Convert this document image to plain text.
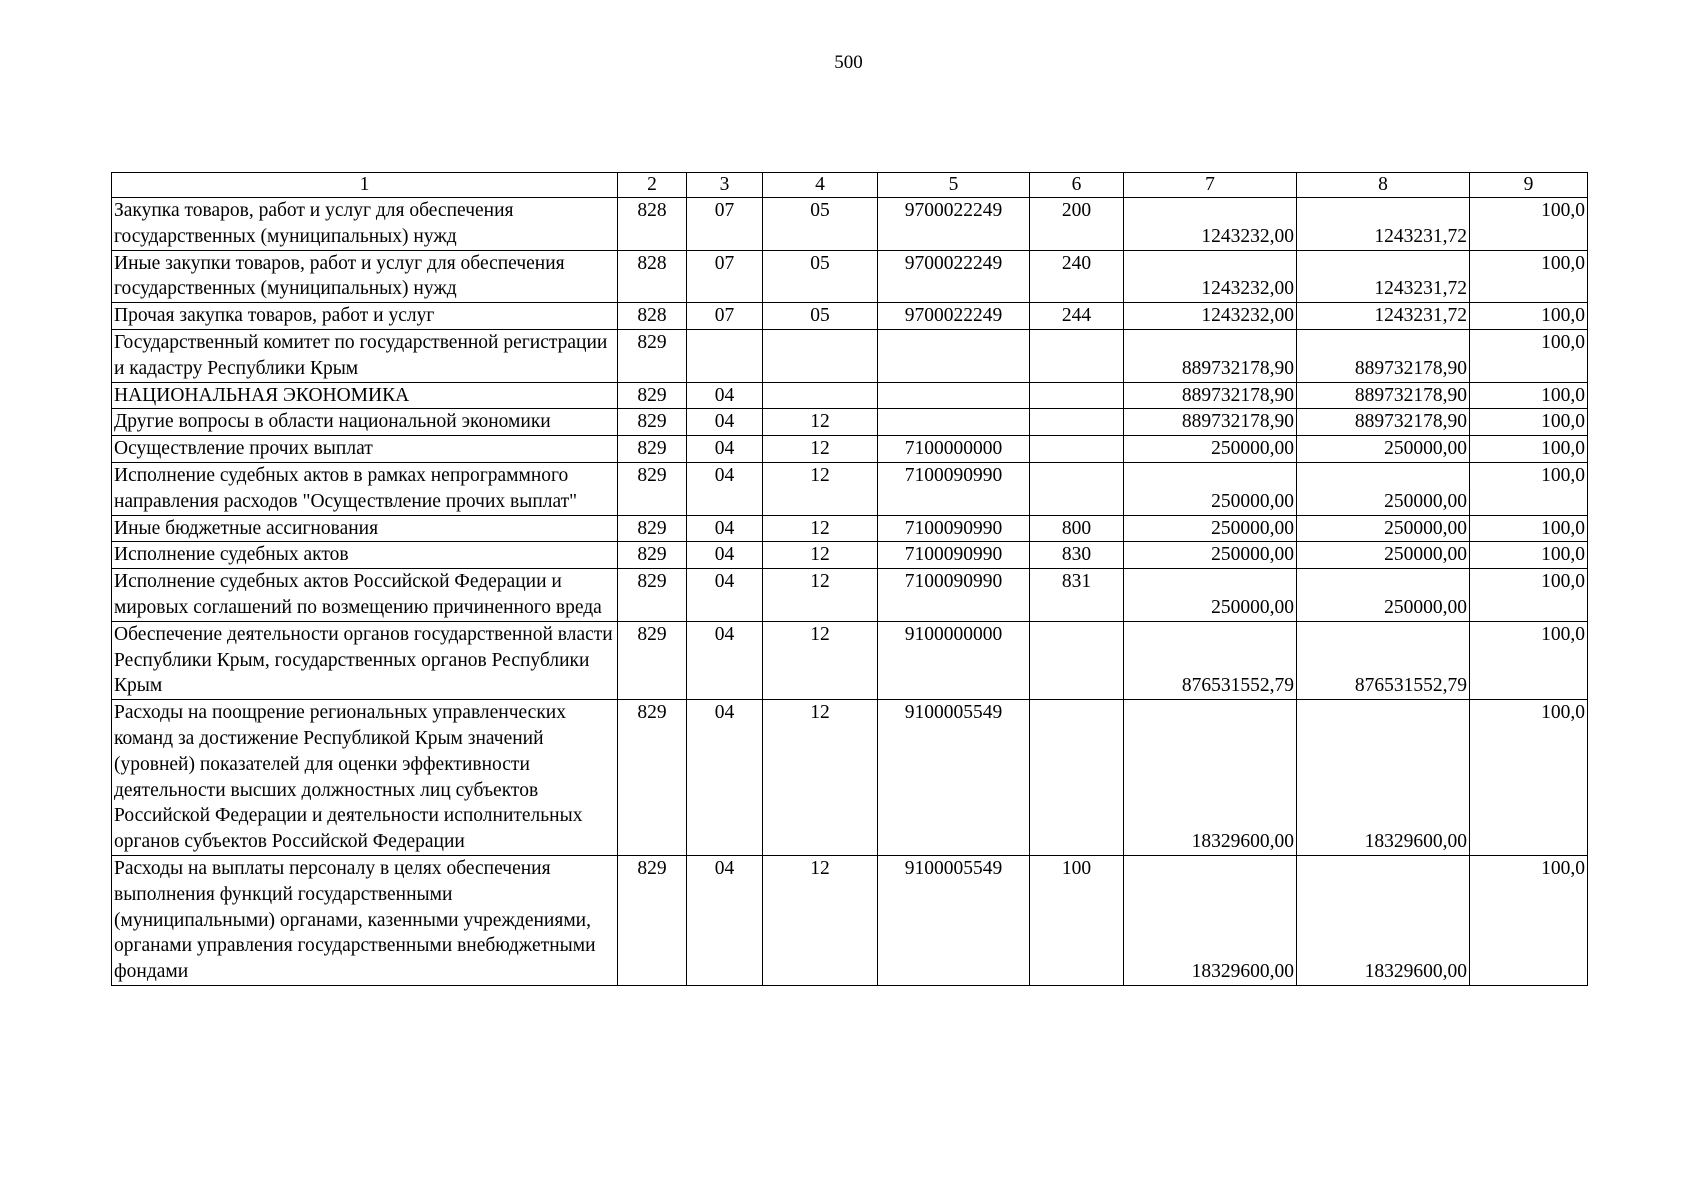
500
1	2	3	4	5	6	7	8	9
Закупка товаров, работ и услуг для обеспечения государственных (муниципальных) нужд	828	07	05	9700022249	200	1243232,00	1243231,72	100,0
Иные закупки товаров, работ и услуг для обеспечения государственных (муниципальных) нужд	828	07	05	9700022249	240	1243232,00	1243231,72	100,0
Прочая закупка товаров, работ и услуг	828	07	05	9700022249	244	1243232,00	1243231,72	100,0
Государственный комитет по государственной регистрации и кадастру Республики Крым	829					889732178,90	889732178,90	100,0
НАЦИОНАЛЬНАЯ ЭКОНОМИКА	829	04				889732178,90	889732178,90	100,0
Другие вопросы в области национальной экономики	829	04	12			889732178,90	889732178,90	100,0
Осуществление прочих выплат	829	04	12	7100000000		250000,00	250000,00	100,0
Исполнение судебных актов в рамках непрограммного направления расходов "Осуществление прочих выплат"	829	04	12	7100090990		250000,00	250000,00	100,0
Иные бюджетные ассигнования	829	04	12	7100090990	800	250000,00	250000,00	100,0
Исполнение судебных актов	829	04	12	7100090990	830	250000,00	250000,00	100,0
Исполнение судебных актов Российской Федерации и мировых соглашений по возмещению причиненного вреда	829	04	12	7100090990	831	250000,00	250000,00	100,0
Обеспечение деятельности органов государственной власти Республики Крым, государственных органов Республики Крым	829	04	12	9100000000		876531552,79	876531552,79	100,0
Расходы на поощрение региональных управленческих команд за достижение Республикой Крым значений (уровней) показателей для оценки эффективности деятельности высших должностных лиц субъектов Российской Федерации и деятельности исполнительных органов субъектов Российской Федерации	829	04	12	9100005549		18329600,00	18329600,00	100,0
Расходы на выплаты персоналу в целях обеспечения выполнения функций государственными (муниципальными) органами, казенными учреждениями, органами управления государственными внебюджетными фондами	829	04	12	9100005549	100	18329600,00	18329600,00	100,0
